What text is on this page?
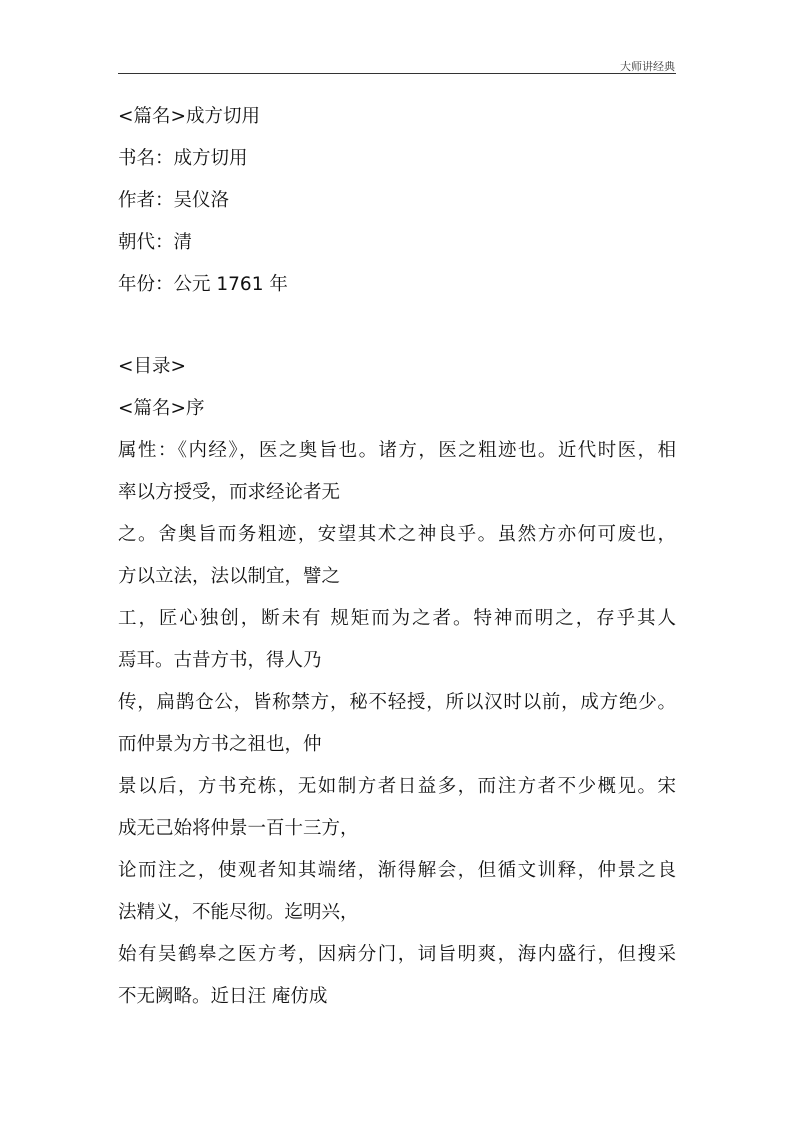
大师讲经典
<篇名>成方切用
书名：成方切用
作者：吴仪洛
朝代：清
年份：公元 1761 年
<目录>
<篇名>序
属性：《内经》，医之奥旨也。诸方，医之粗迹也。近代时医，相
率以方授受，而求经论者无
之。舍奥旨而务粗迹，安望其术之神良乎。虽然方亦何可废也，
方以立法，法以制宜，譬之
工，匠心独创，断未有 规矩而为之者。特神而明之，存乎其人
焉耳。古昔方书，得人乃
传，扁鹊仓公，皆称禁方，秘不轻授，所以汉时以前，成方绝少。
而仲景为方书之祖也，仲
景以后，方书充栋，无如制方者日益多，而注方者不少概见。宋
成无己始将仲景一百十三方，
论而注之，使观者知其端绪，渐得解会，但循文训释，仲景之良
法精义，不能尽彻。迄明兴，
始有吴鹤皋之医方考，因病分门，词旨明爽，海内盛行，但搜采
不无阙略。近日汪 庵仿成
